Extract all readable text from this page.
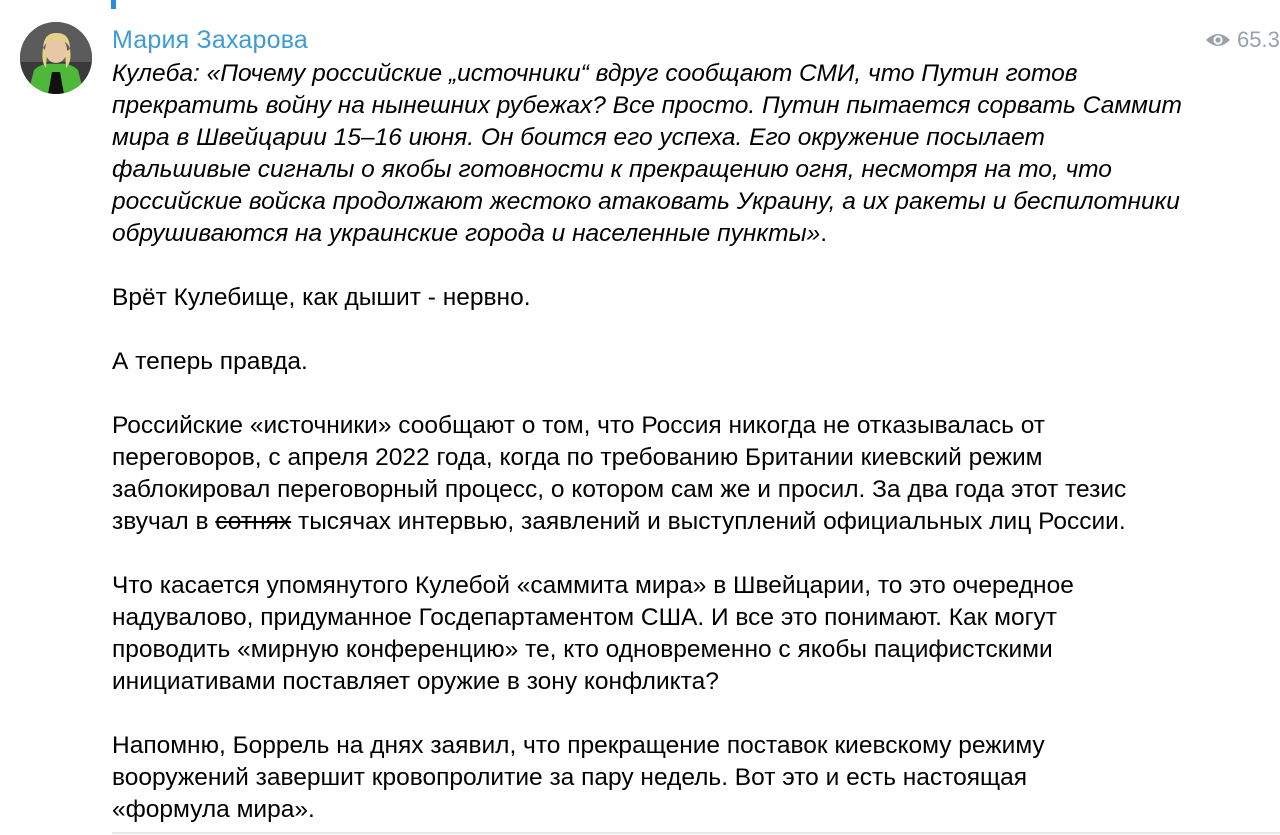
Мария Захарова	65.3
Кулеба: «Почему российские „источники“ вдруг сообщают СМИ, что Путин готов
прекратить войну на нынешних рубежах? Все просто. Путин пытается сорвать Саммит
мира в Швейцарии 15–16 июня. Он боится его успеха. Его окружение посылает
фальшивые сигналы о якобы готовности к прекращению огня, несмотря на то, что
российские войска продолжают жестоко атаковать Украину, а их ракеты и беспилотники
обрушиваются на украинские города и населенные пункты».
Врёт Кулебище, как дышит - нервно.
А теперь правда.
Российские «источники» сообщают о том, что Россия никогда не отказывалась от
переговоров, с апреля 2022 года, когда по требованию Британии киевский режим
заблокировал переговорный процесс, о котором сам же и просил. За два года этот тезис
звучал в сотнях тысячах интервью, заявлений и выступлений официальных лиц России.
Что касается упомянутого Кулебой «саммита мира» в Швейцарии, то это очередное
надувалово, придуманное Госдепартаментом США. И все это понимают. Как могут
проводить «мирную конференцию» те, кто одновременно с якобы пацифистскими
инициативами поставляет оружие в зону конфликта?
Напомню, Боррель на днях заявил, что прекращение поставок киевскому режиму
вооружений завершит кровопролитие за пару недель. Вот это и есть настоящая
«формула мира».
